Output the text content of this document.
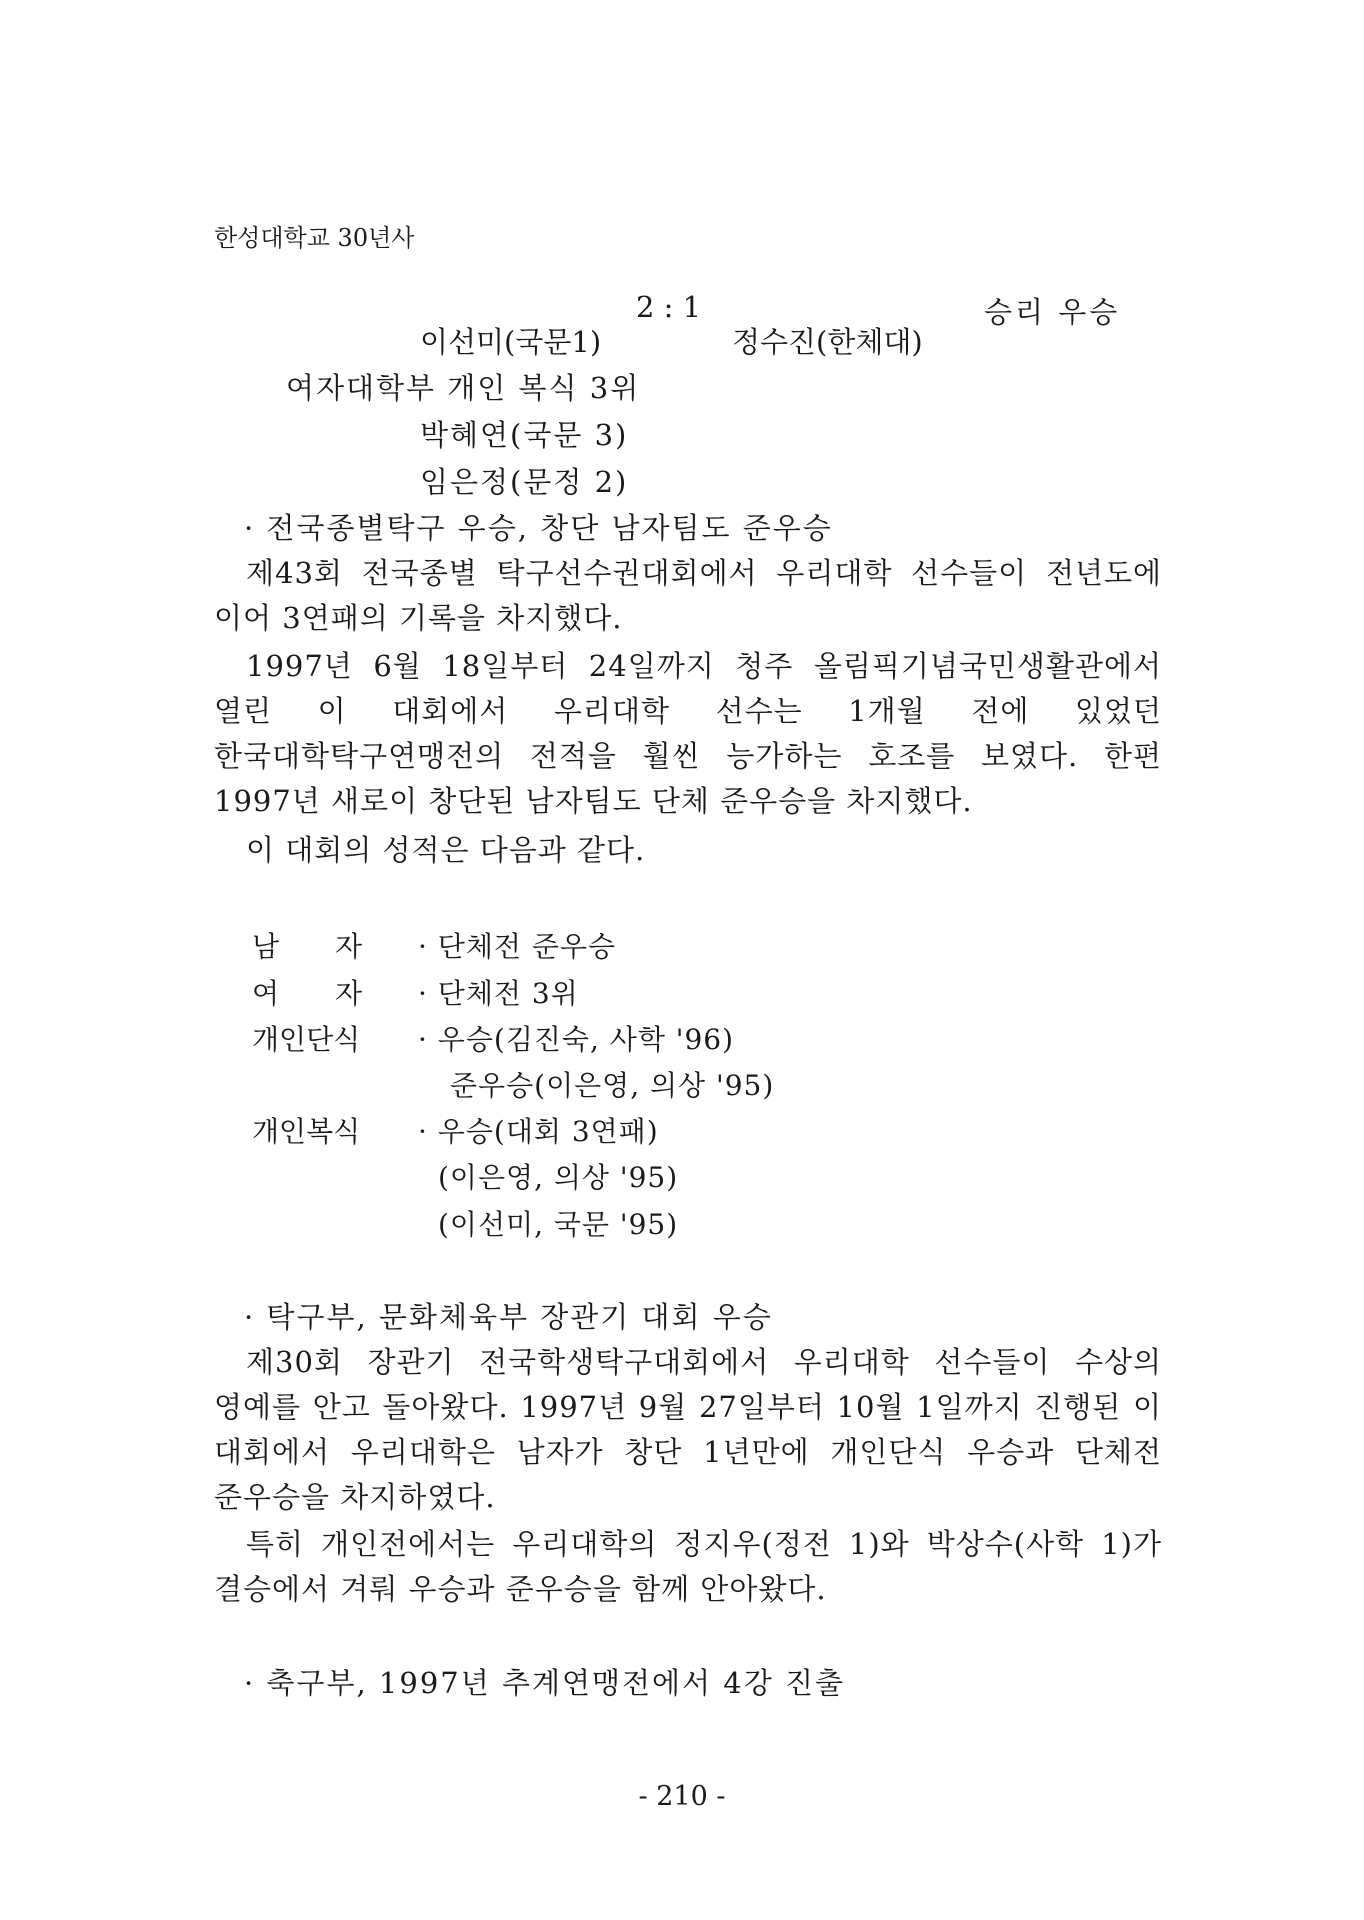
한성대학교 30년사
2 : 1	승리 우승
이선미(국문1)	정수진(한체대)
여자대학부 개인 복식 3위
박혜연(국문 3)
임은정(문정 2)
· 전국종별탁구 우승, 창단 남자팀도 준우승
제43회 전국종별 탁구선수권대회에서 우리대학 선수들이 전년도에 이어 3연패의 기록을 차지했다.
1997년 6월 18일부터 24일까지 청주 올림픽기념국민생활관에서 열린 이 대회에서 우리대학 선수는 1개월 전에 있었던 한국대학탁구연맹전의 전적을 훨씬 능가하는 호조를 보였다. 한편 1997년 새로이 창단된 남자팀도 단체 준우승을 차지했다.
이 대회의 성적은 다음과 같다.
남　　자 · 단체전 준우승
여　　자 · 단체전 3위
개인단식 · 우승(김진숙, 사학 '96)
준우승(이은영, 의상 '95)
개인복식 · 우승(대회 3연패)
(이은영, 의상 '95)
(이선미, 국문 '95)
· 탁구부, 문화체육부 장관기 대회 우승
제30회 장관기 전국학생탁구대회에서 우리대학 선수들이 수상의 영예를 안고 돌아왔다. 1997년 9월 27일부터 10월 1일까지 진행된 이 대회에서 우리대학은 남자가 창단 1년만에 개인단식 우승과 단체전 준우승을 차지하였다.
특히 개인전에서는 우리대학의 정지우(정전 1)와 박상수(사학 1)가 결승에서 겨뤄 우승과 준우승을 함께 안아왔다.
· 축구부, 1997년 추계연맹전에서 4강 진출
- 210 -
